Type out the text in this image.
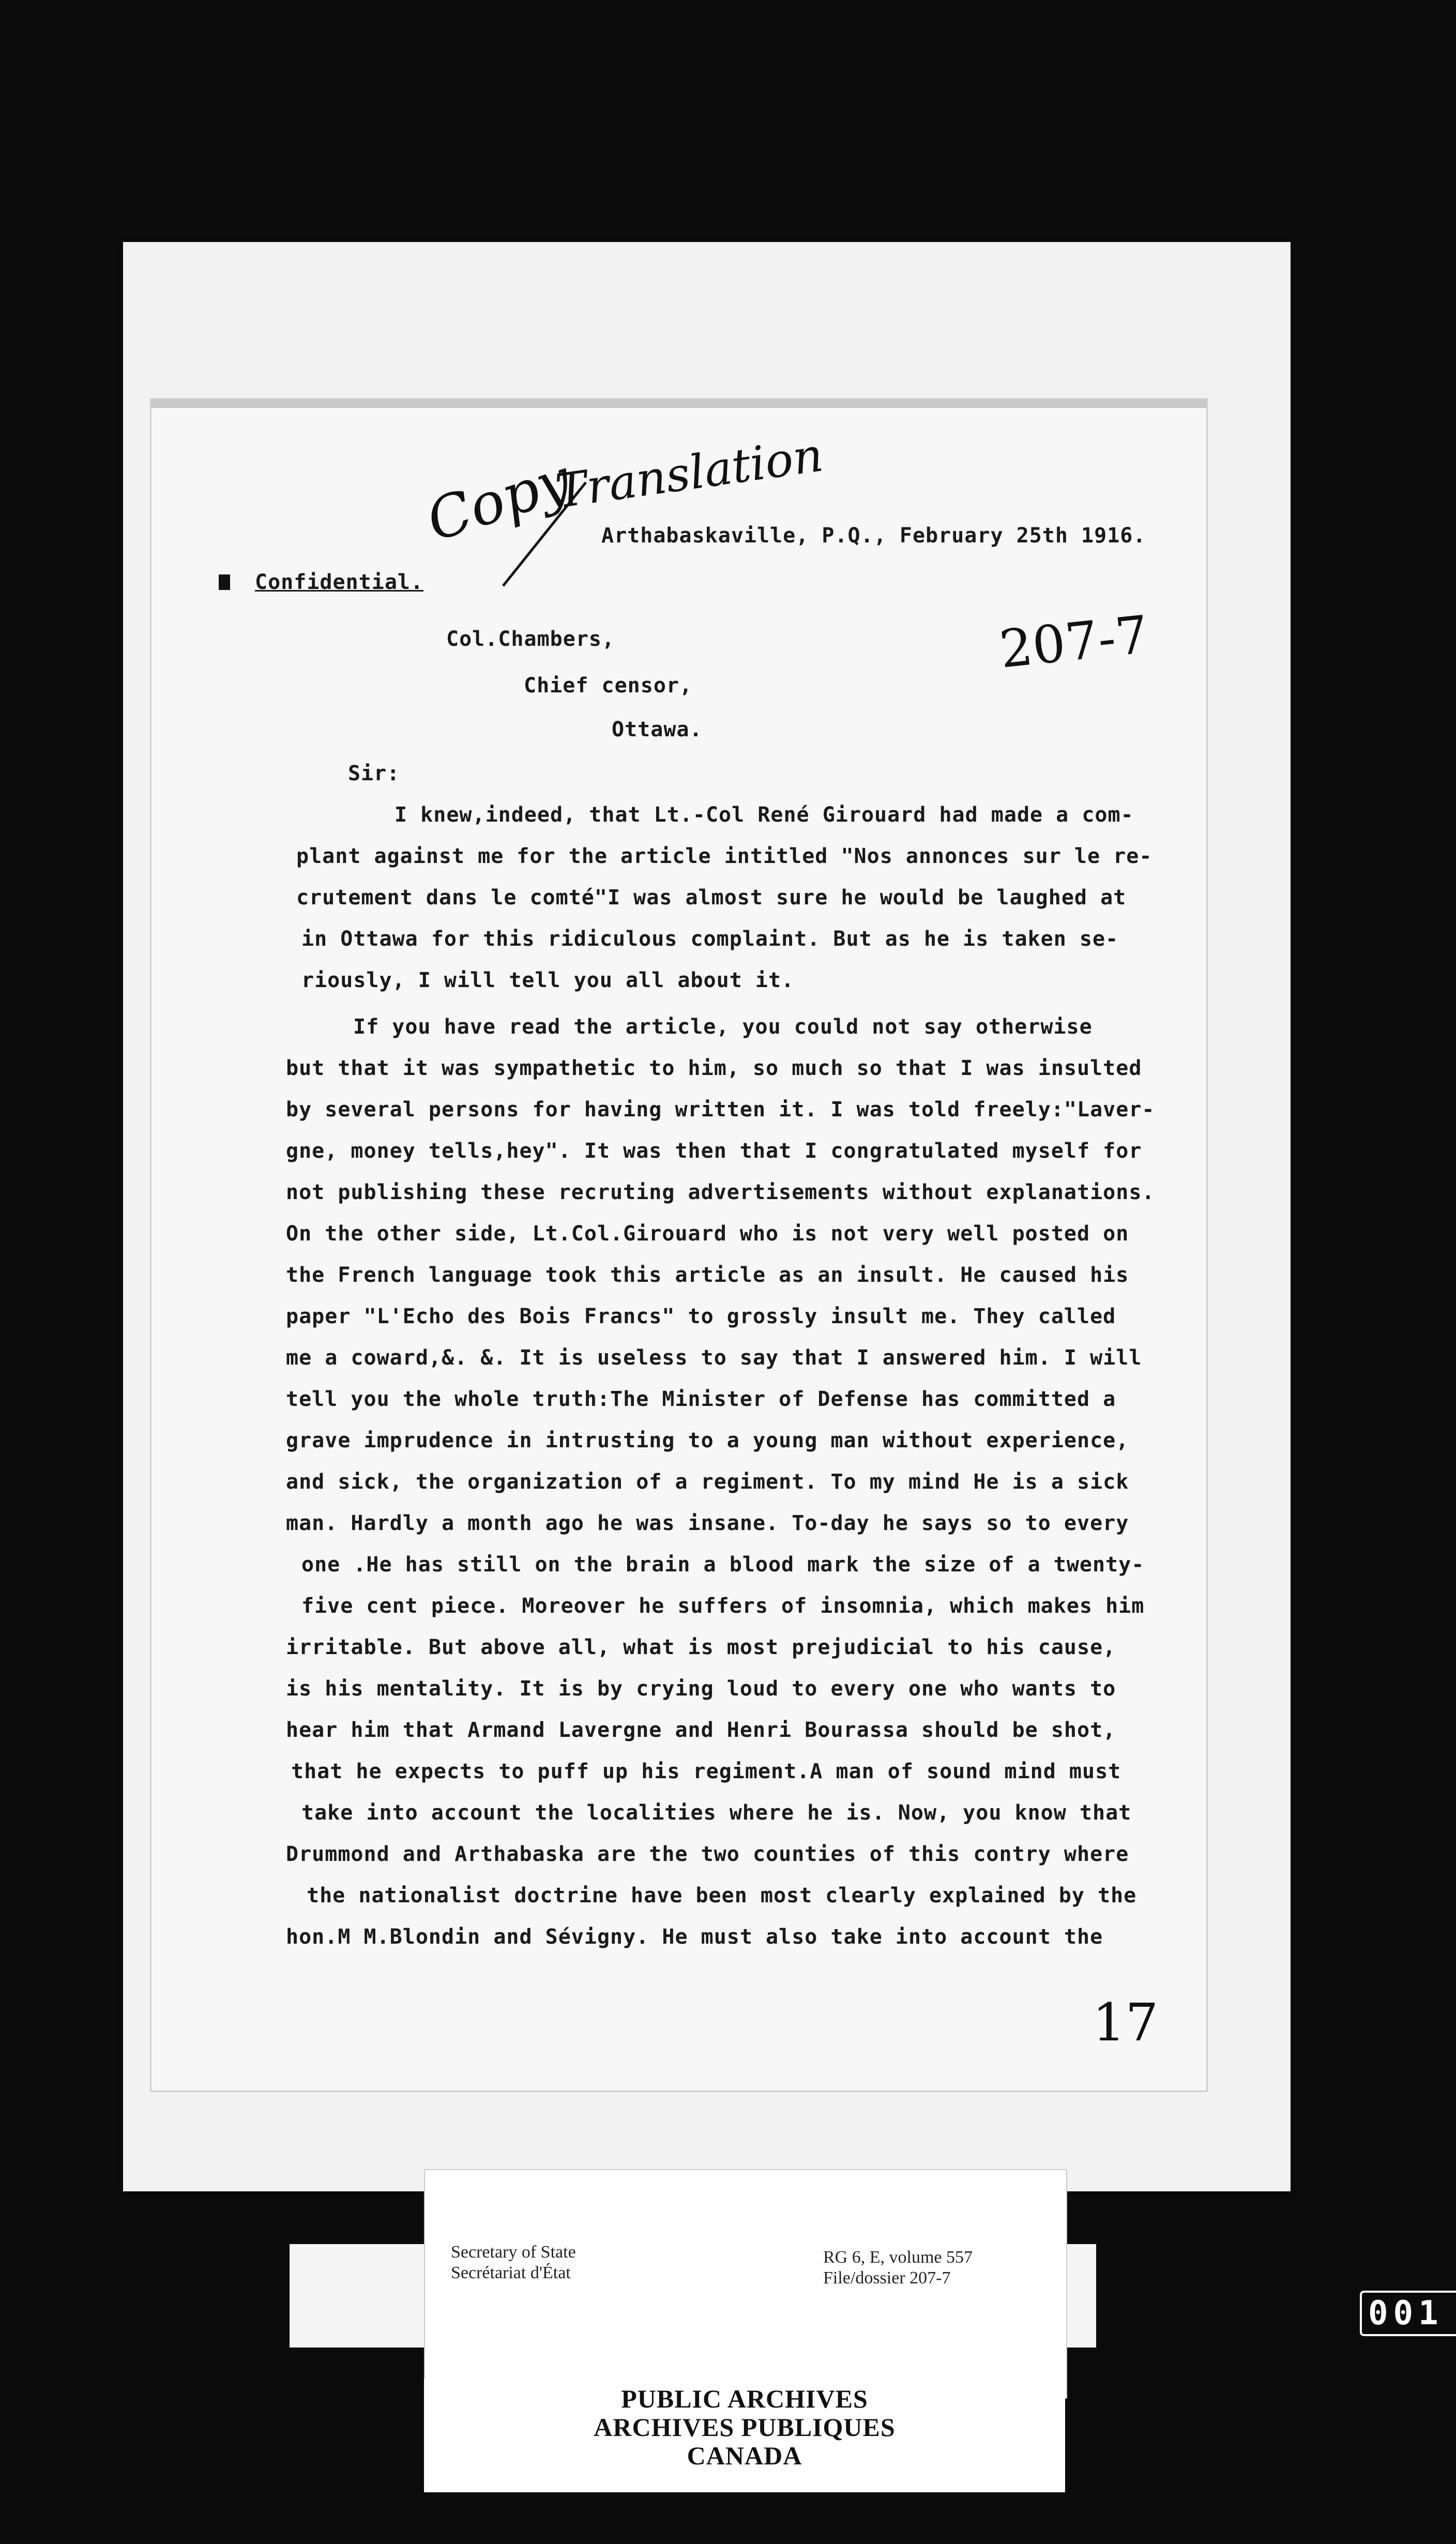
Copy
Translation
Arthabaskaville, P.Q., February 25th 1916.
Confidential.
207-7
Col.Chambers,
Chief censor,
Ottawa.
Sir:
I knew,indeed, that Lt.-Col René Girouard had made a com-
plant against me for the article intitled "Nos annonces sur le re-
crutement dans le comté"I was almost sure he would be laughed at
in Ottawa for this ridiculous complaint. But as he is taken se-
riously, I will tell you all about it.
If you have read the article, you could not say otherwise
but that it was sympathetic to him, so much so that I was insulted
by several persons for having written it. I was told freely:"Laver-
gne, money tells,hey". It was then that I congratulated myself for
not publishing these recruting advertisements without explanations.
On the other side, Lt.Col.Girouard who is not very well posted on
the French language took this article as an insult. He caused his
paper "L'Echo des Bois Francs" to grossly insult me. They called
me a coward,&. &. It is useless to say that I answered him. I will
tell you the whole truth:The Minister of Defense has committed a
grave imprudence in intrusting to a young man without experience,
and sick, the organization of a regiment. To my mind He is a sick
man. Hardly a month ago he was insane. To-day he says so to every
one .He has still on the brain a blood mark the size of a twenty-
five cent piece. Moreover he suffers of insomnia, which makes him
irritable. But above all, what is most prejudicial to his cause,
is his mentality. It is by crying loud to every one who wants to
hear him that Armand Lavergne and Henri Bourassa should be shot,
that he expects to puff up his regiment.A man of sound mind must
take into account the localities where he is. Now, you know that
Drummond and Arthabaska are the two counties of this contry where
the nationalist doctrine have been most clearly explained by the
hon.M M.Blondin and Sévigny. He must also take into account the
17
Secretary of State
Secrétariat d'État
RG 6, E, volume 557
File/dossier 207-7
PUBLIC ARCHIVES
ARCHIVES PUBLIQUES
CANADA
001
